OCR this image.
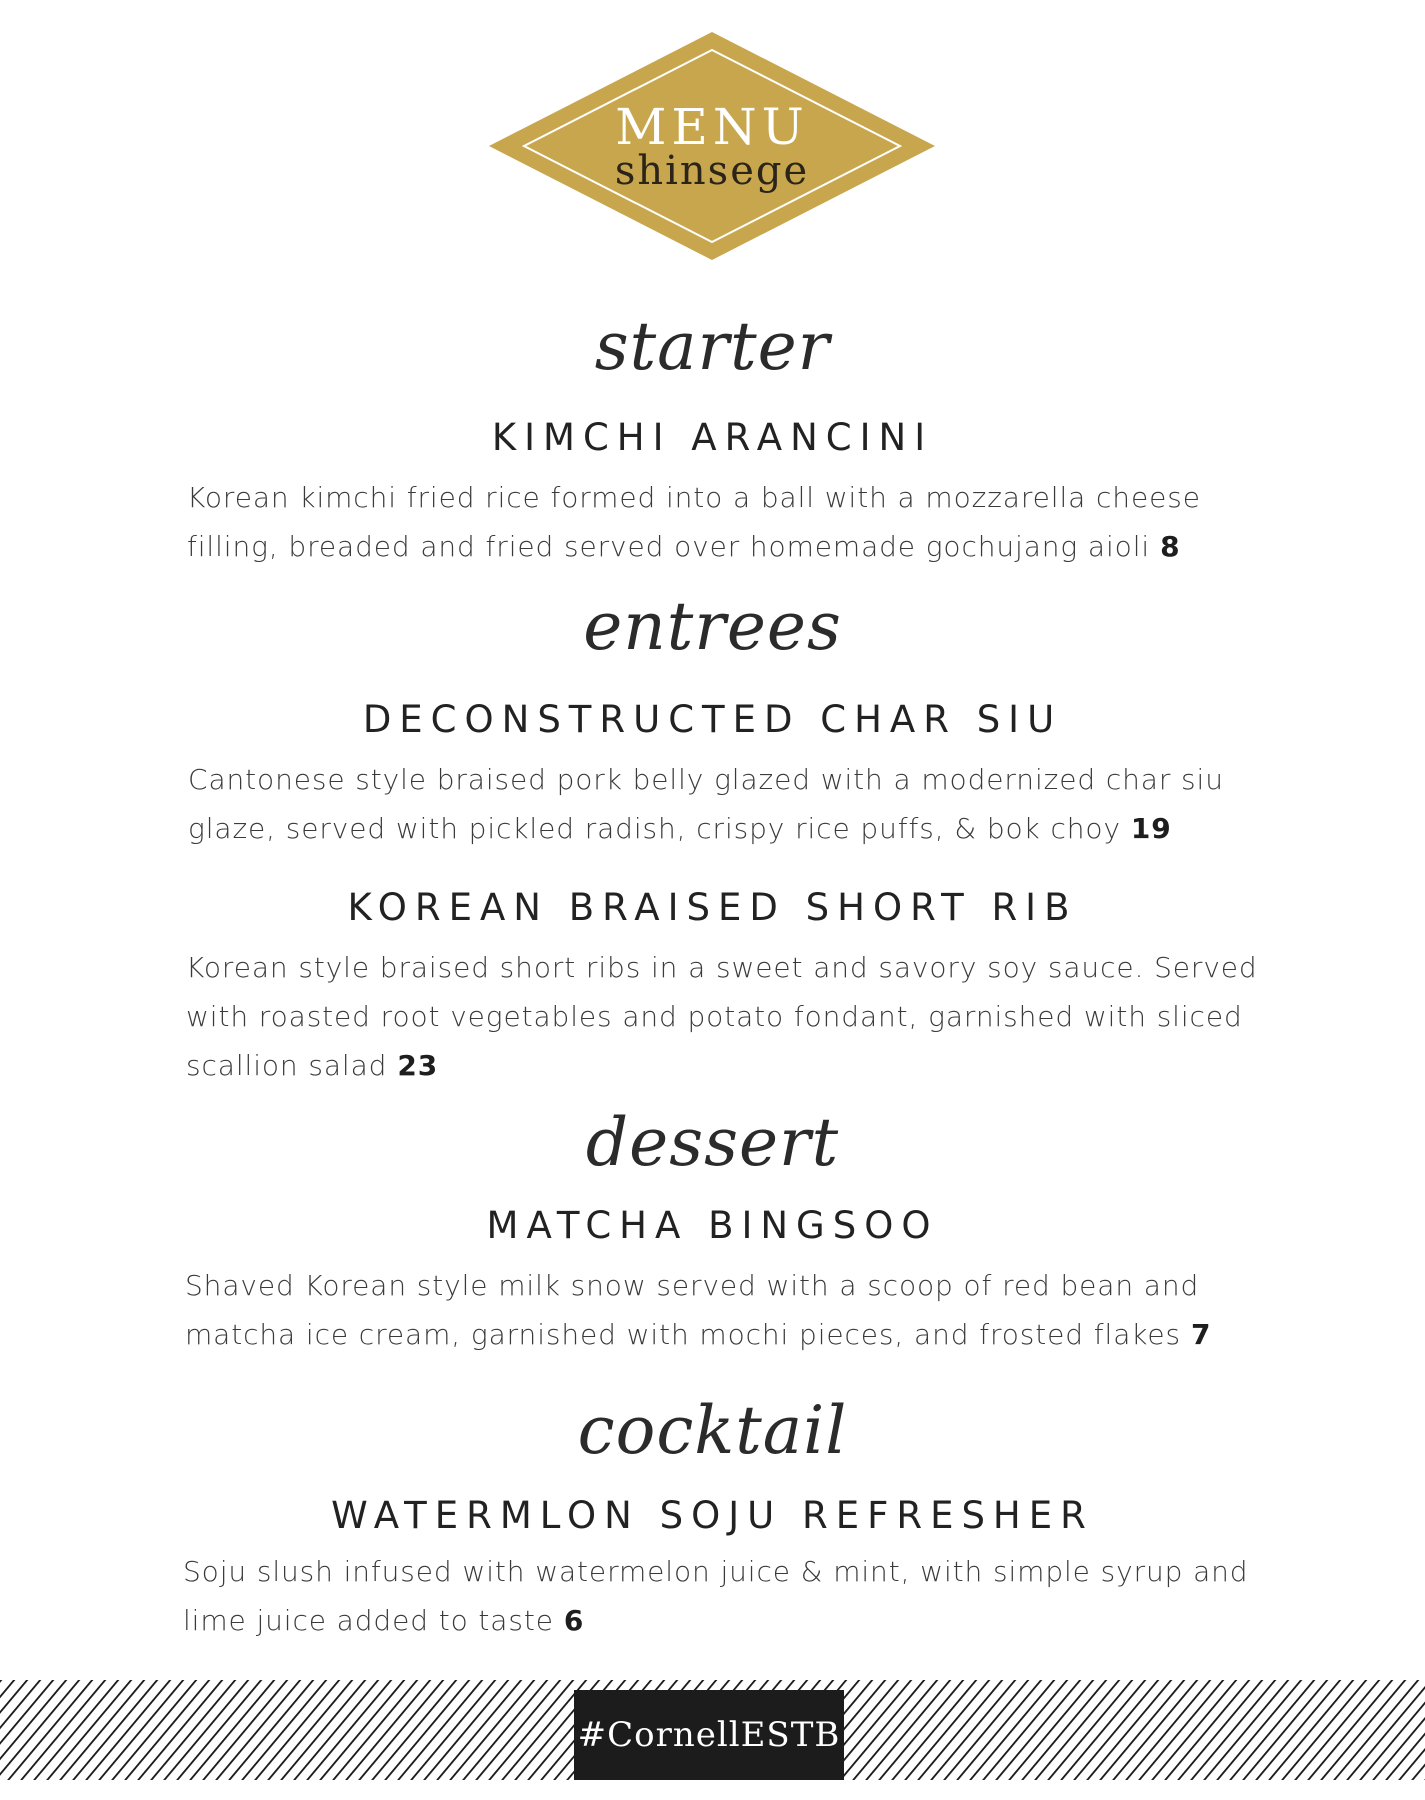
MENU
shinsege
starter
KIMCHI ARANCINI
Korean kimchi fried rice formed into a ball with a mozzarella cheese
filling, breaded and fried served over homemade gochujang aioli 8
entrees
DECONSTRUCTED CHAR SIU
Cantonese style braised pork belly glazed with a modernized char siu
glaze, served with pickled radish, crispy rice puffs, & bok choy 19
KOREAN BRAISED SHORT RIB
Korean style braised short ribs in a sweet and savory soy sauce. Served
with roasted root vegetables and potato fondant, garnished with sliced
scallion salad 23
dessert
MATCHA BINGSOO
Shaved Korean style milk snow served with a scoop of red bean and
matcha ice cream, garnished with mochi pieces, and frosted flakes 7
cocktail
WATERMLON SOJU REFRESHER
Soju slush infused with watermelon juice & mint, with simple syrup and
lime juice added to taste 6
#CornellESTB
